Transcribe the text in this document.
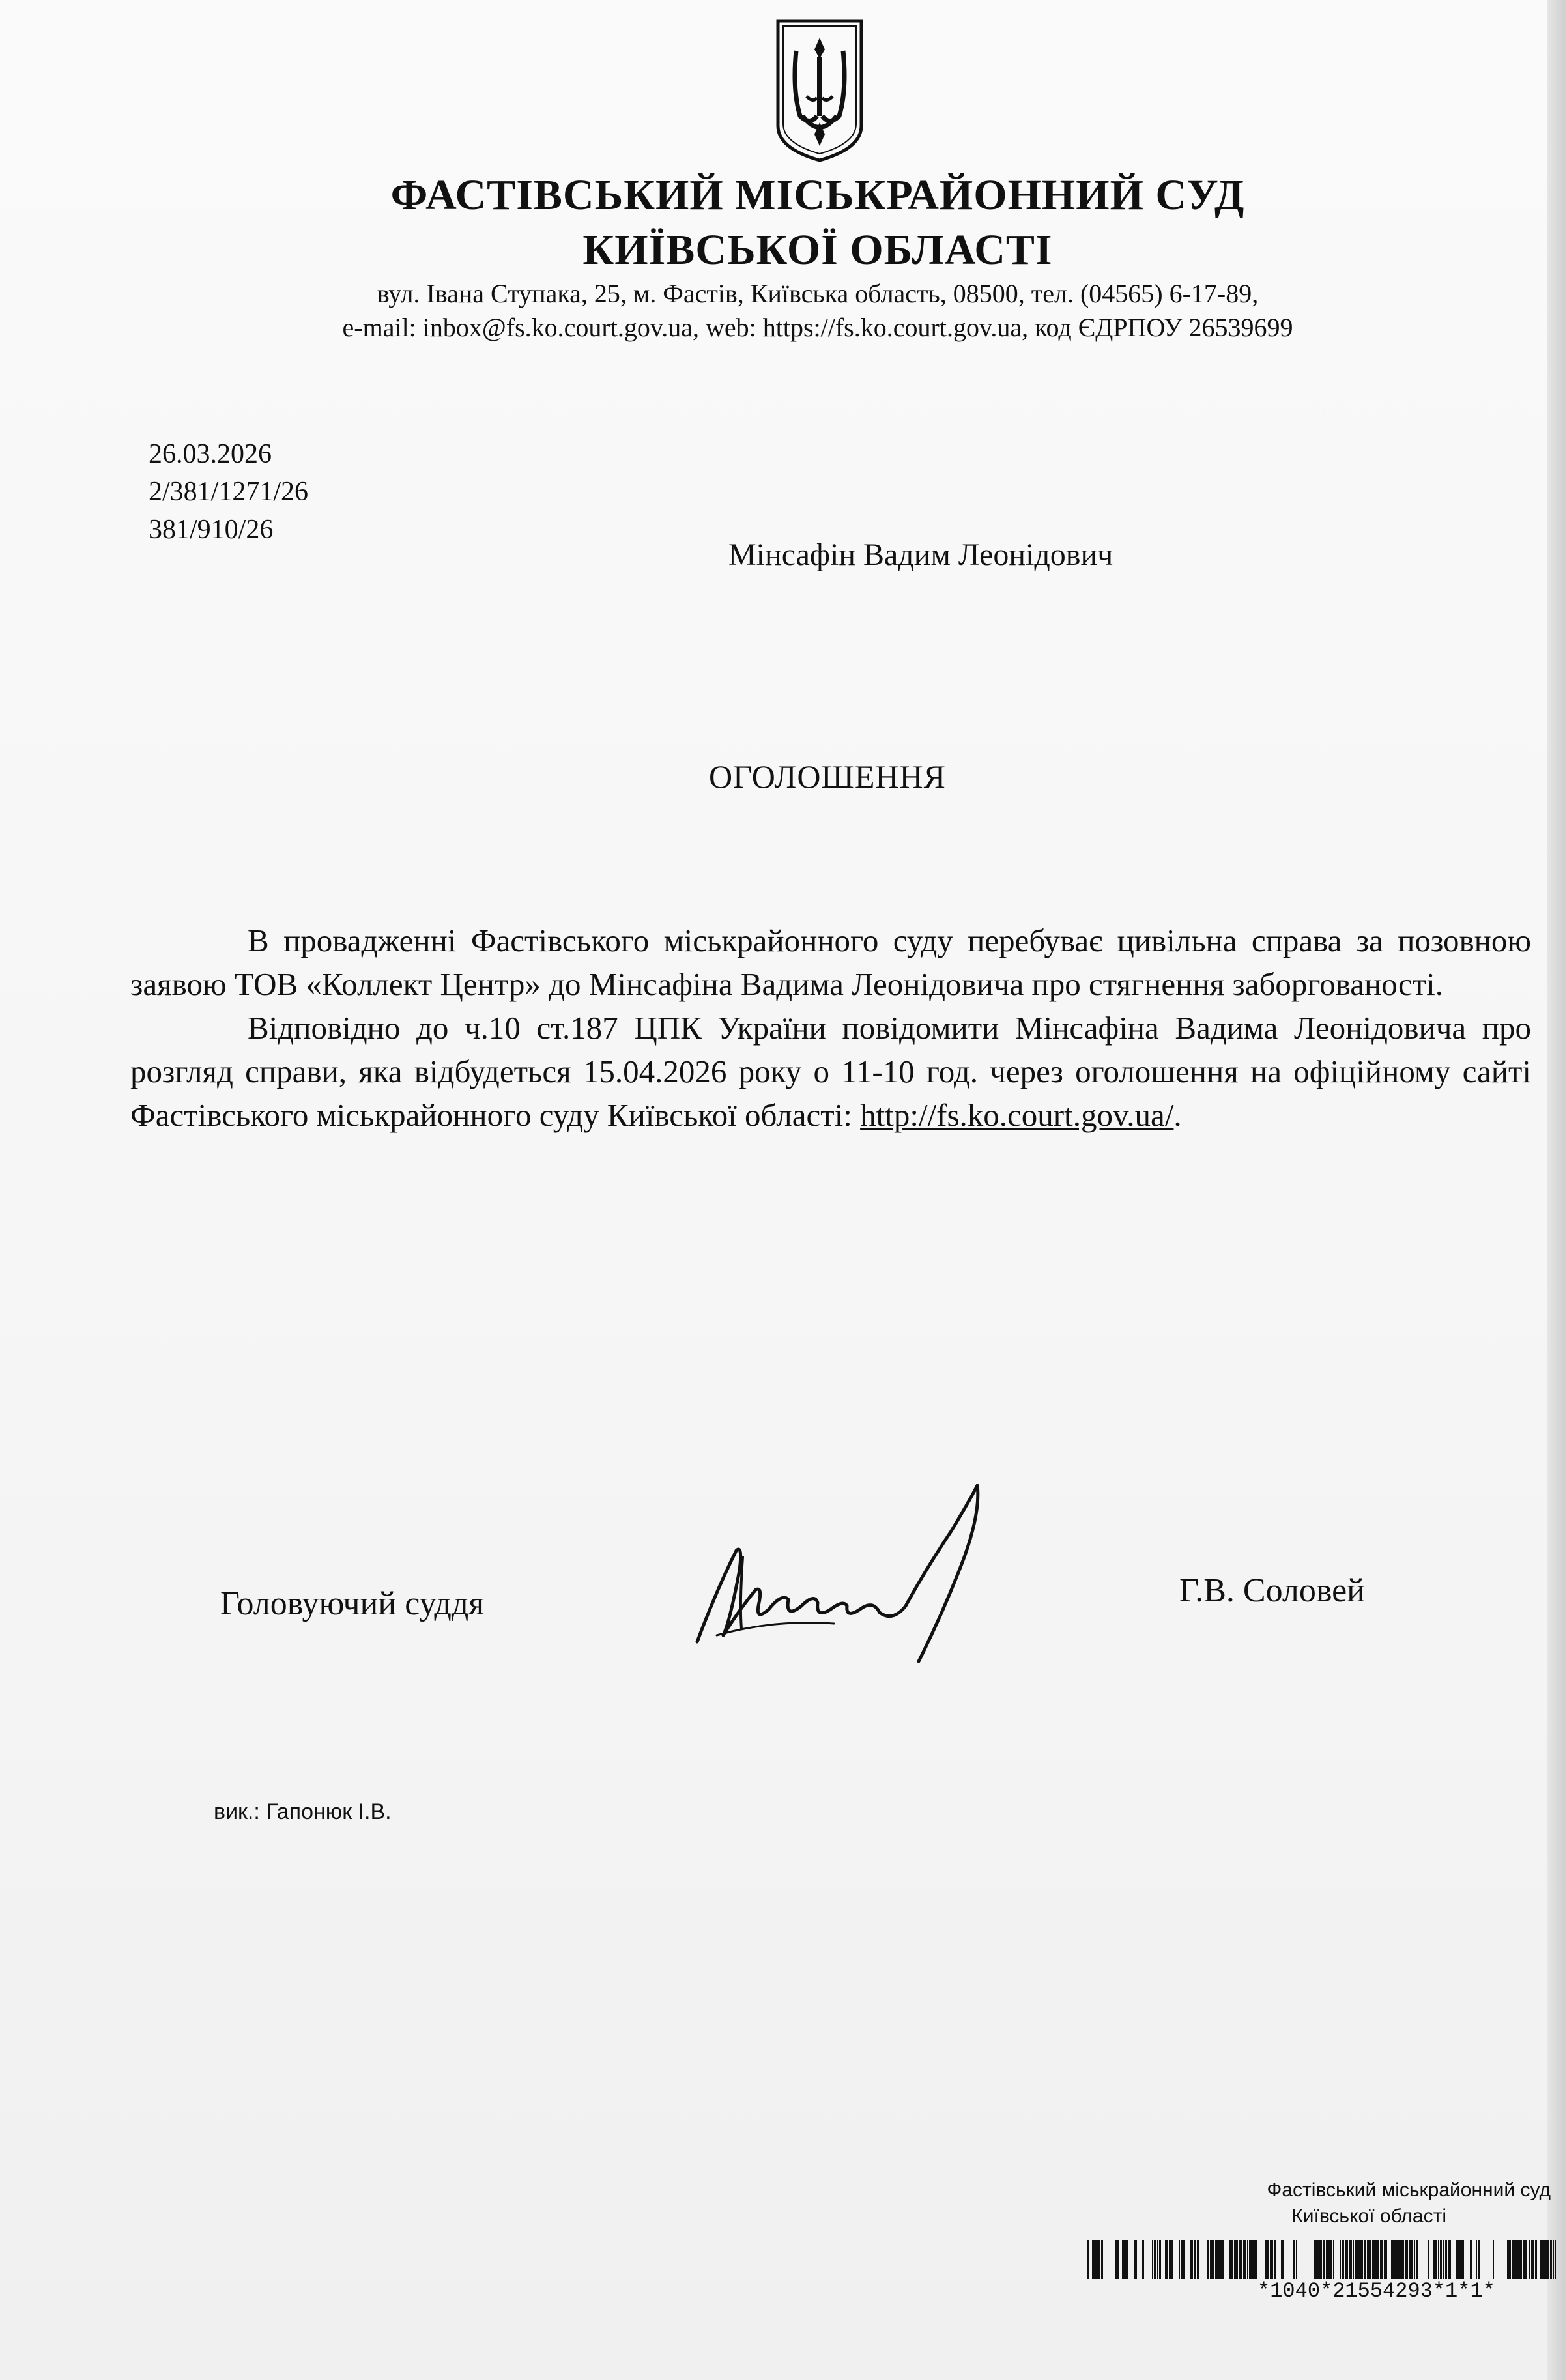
ФАСТІВСЬКИЙ МІСЬКРАЙОННИЙ СУД
КИЇВСЬКОЇ ОБЛАСТІ
вул. Івана Ступака, 25, м. Фастів, Київська область, 08500, тел. (04565) 6-17-89,
e-mail: inbox@fs.ko.court.gov.ua, web: https://fs.ko.court.gov.ua, код ЄДРПОУ 26539699
26.03.2026
2/381/1271/26
381/910/26
Мінсафін Вадим Леонідович
ОГОЛОШЕННЯ

В провадженні Фастівського міськрайонного суду перебуває цивільна справа за позовною заявою ТОВ «Коллект Центр» до Мінсафіна Вадима Леонідовича про стягнення заборгованості.

Відповідно до ч.10 ст.187 ЦПК України повідомити Мінсафіна Вадима Леонідовича про розгляд справи, яка відбудеться 15.04.2026 року о 11-10 год. через оголошення на офіційному сайті Фастівського міськрайонного суду Київської області: http://fs.ko.court.gov.ua/.

Головуючий суддя	Г.В. Соловей
вик.: Гапонюк І.В.
Фастівський міськрайонний суд
Київської області
*1040*21554293*1*1*
